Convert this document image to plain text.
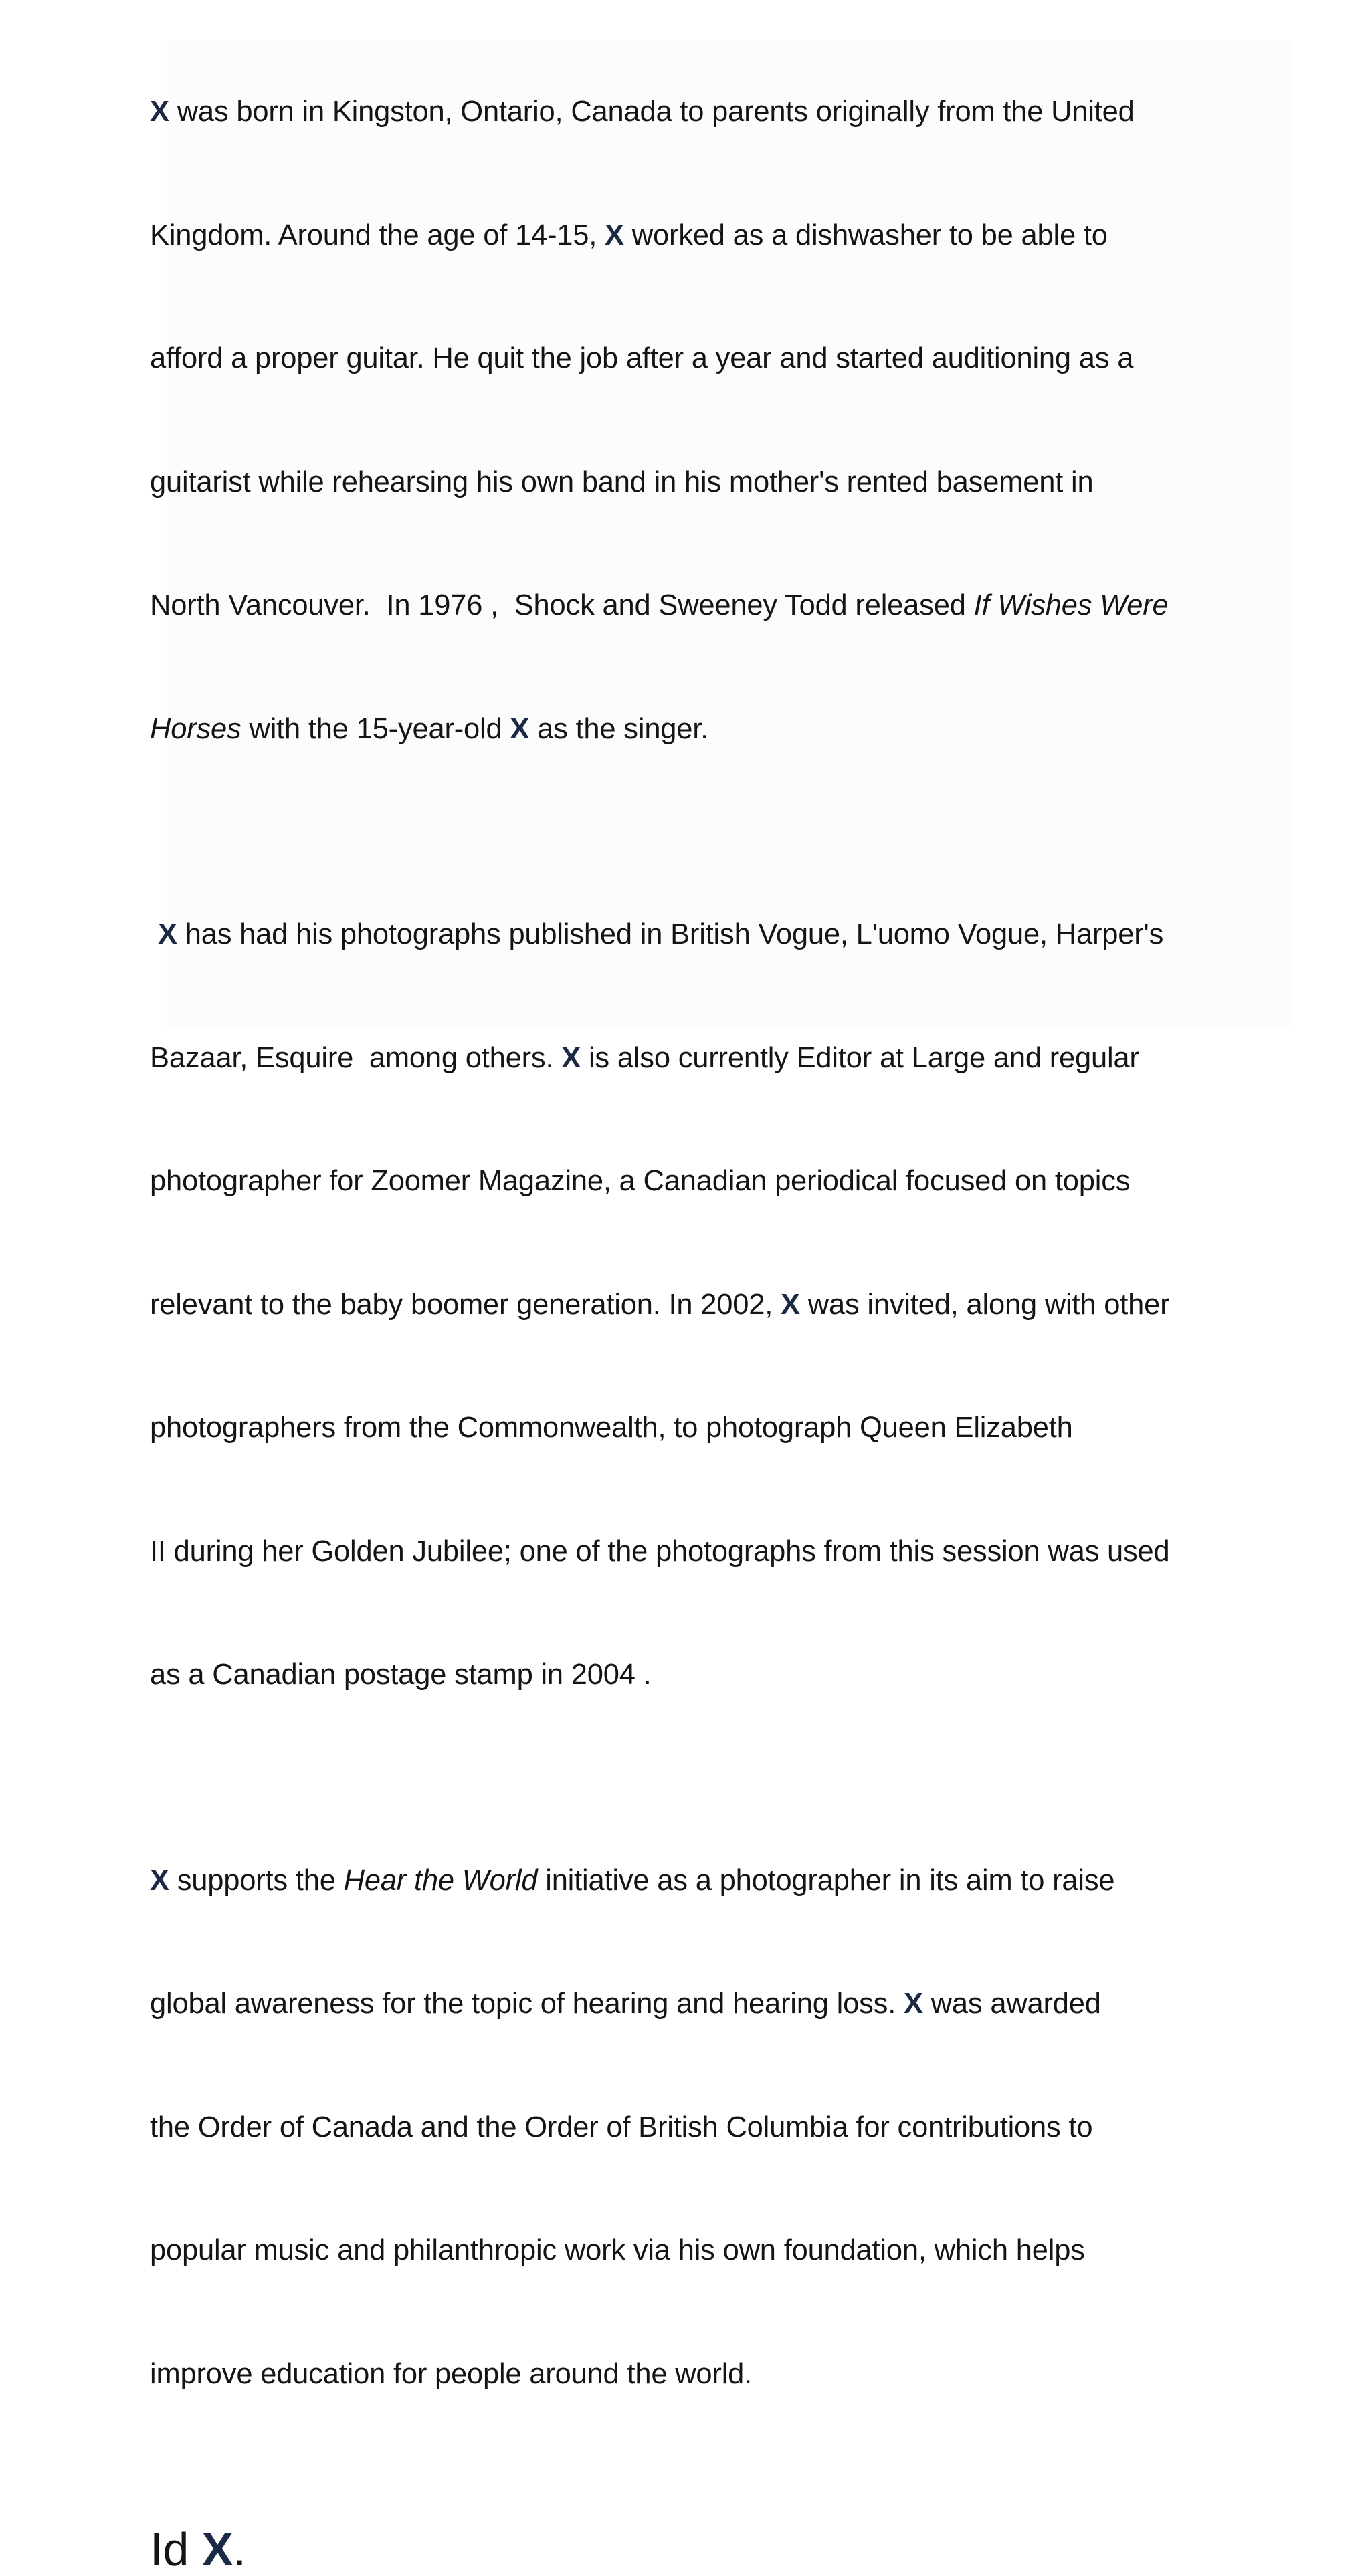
X was born in Kingston, Ontario, Canada to parents originally from the United

Kingdom. Around the age of 14-15, X worked as a dishwasher to be able to

afford a proper guitar. He quit the job after a year and started auditioning as a

guitarist while rehearsing his own band in his mother's rented basement in

North Vancouver.  In 1976 ,  Shock and Sweeney Todd released If Wishes Were

Horses with the 15-year-old X as the singer.

X has had his photographs published in British Vogue, L'uomo Vogue, Harper's

Bazaar, Esquire  among others. X is also currently Editor at Large and regular

photographer for Zoomer Magazine, a Canadian periodical focused on topics

relevant to the baby boomer generation. In 2002, X was invited, along with other

photographers from the Commonwealth, to photograph Queen Elizabeth

II during her Golden Jubilee; one of the photographs from this session was used

as a Canadian postage stamp in 2004 .

X supports the Hear the World initiative as a photographer in its aim to raise

global awareness for the topic of hearing and hearing loss. X was awarded

the Order of Canada and the Order of British Columbia for contributions to

popular music and philanthropic work via his own foundation, which helps

improve education for people around the world.

Id X.
